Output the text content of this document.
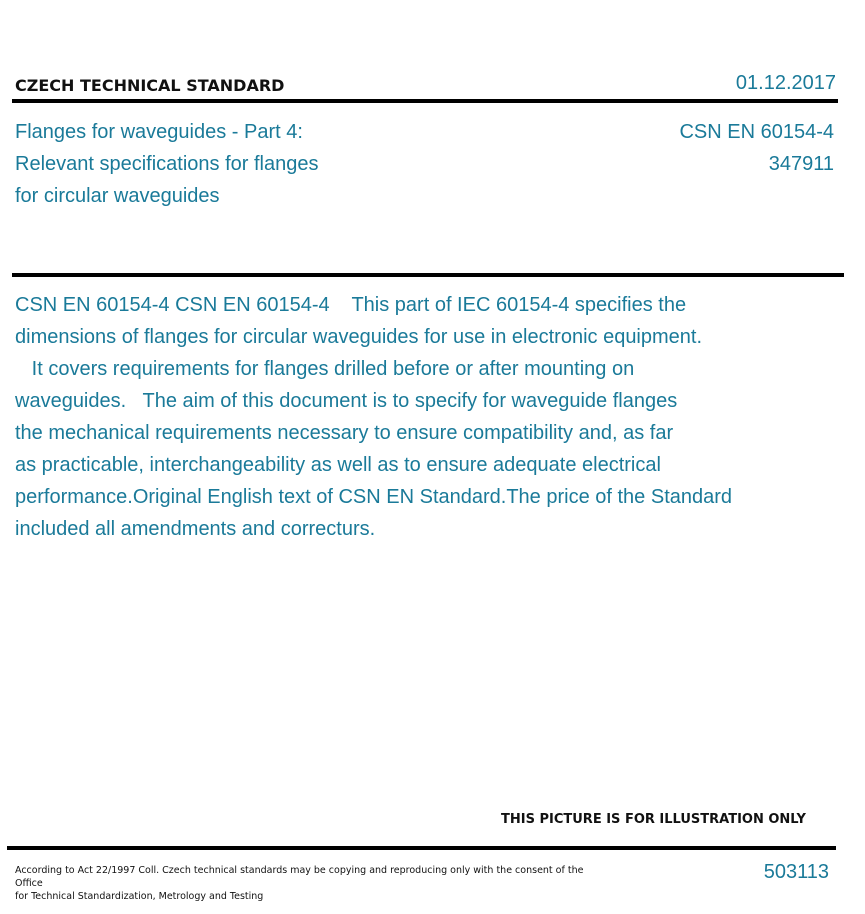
CZECH TECHNICAL STANDARD	01.12.2017
Flanges for waveguides - Part 4:
Relevant specifications for flanges
for circular waveguides
CSN EN 60154-4
347911
CSN EN 60154-4 CSN EN 60154-4    This part of IEC 60154-4 specifies the
dimensions of flanges for circular waveguides for use in electronic equipment.
It covers requirements for flanges drilled before or after mounting on
waveguides.   The aim of this document is to specify for waveguide flanges
the mechanical requirements necessary to ensure compatibility and, as far
as practicable, interchangeability as well as to ensure adequate electrical
performance.Original English text of CSN EN Standard.The price of the Standard
included all amendments and correcturs.
THIS PICTURE IS FOR ILLUSTRATION ONLY
According to Act 22/1997 Coll. Czech technical standards may be copying and reproducing only with the consent of the Office
for Technical Standardization, Metrology and Testing
503113
